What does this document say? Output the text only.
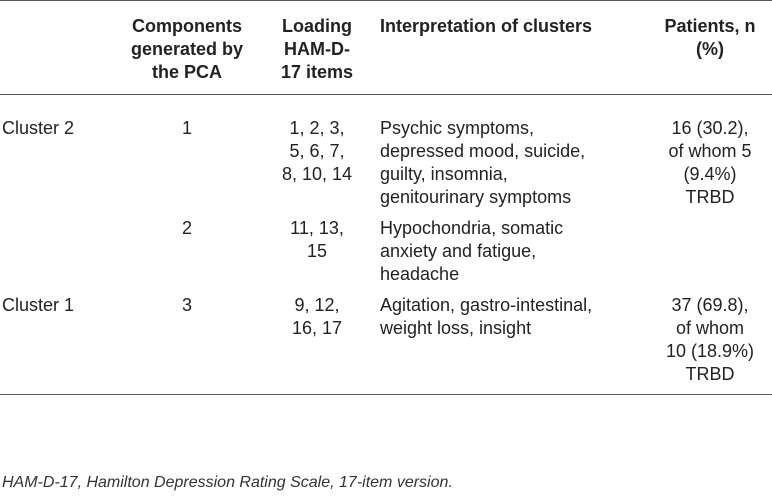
	Components
generated by
the PCA	Loading
HAM-D-
17 items	Interpretation of clusters	Patients, n
(%)

Cluster 2	1	1, 2, 3,
5, 6, 7,
8, 10, 14	Psychic symptoms,
depressed mood, suicide,
guilty, insomnia,
genitourinary symptoms	16 (30.2),
of whom 5
(9.4%)
TRBD

	2	11, 13,
15	Hypochondria, somatic
anxiety and fatigue,
headache	

Cluster 1	3	9, 12,
16, 17	Agitation, gastro-intestinal,
weight loss, insight	37 (69.8),
of whom
10 (18.9%)
TRBD
HAM-D-17, Hamilton Depression Rating Scale, 17-item version.
